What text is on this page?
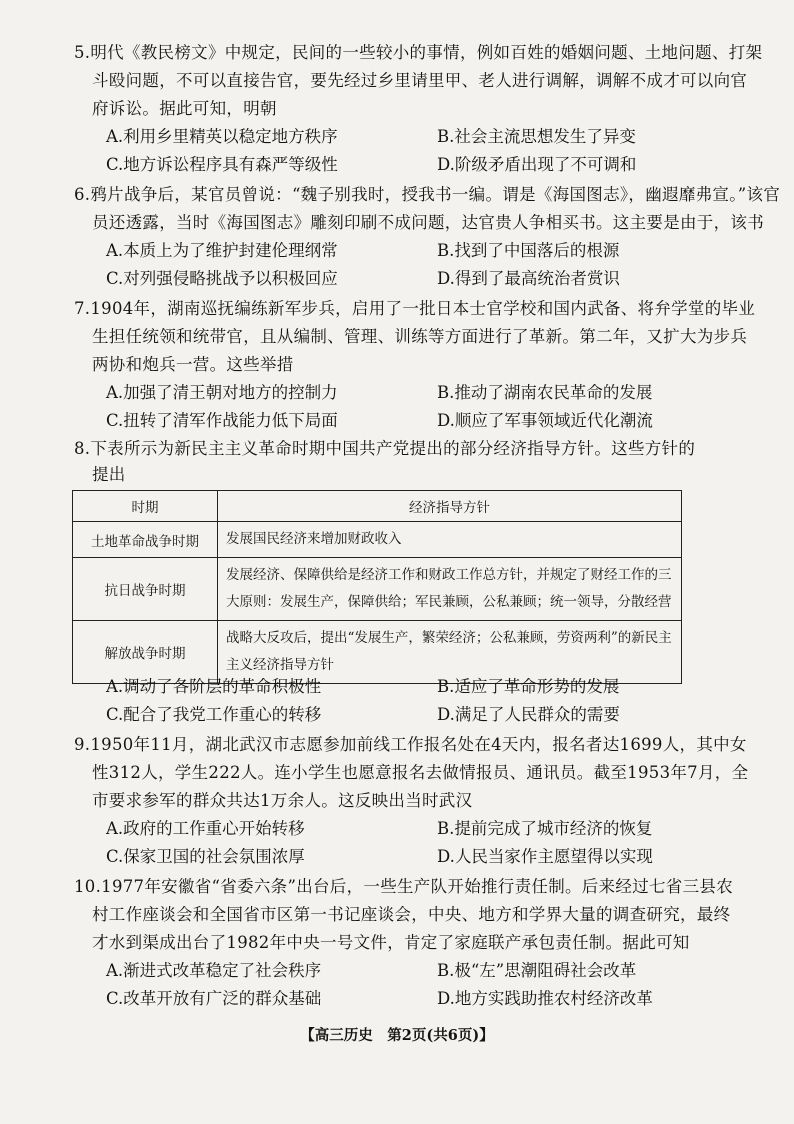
5.明代《教民榜文》中规定，民间的一些较小的事情，例如百姓的婚姻问题、土地问题、打架
斗殴问题，不可以直接告官，要先经过乡里请里甲、老人进行调解，调解不成才可以向官
府诉讼。据此可知，明朝
A.利用乡里精英以稳定地方秩序	B.社会主流思想发生了异变
C.地方诉讼程序具有森严等级性	D.阶级矛盾出现了不可调和
6.鸦片战争后，某官员曾说：“魏子别我时，授我书一编。谓是《海国图志》，幽遐靡弗宣。”该官
员还透露，当时《海国图志》雕刻印刷不成问题，达官贵人争相买书。这主要是由于，该书
A.本质上为了维护封建伦理纲常	B.找到了中国落后的根源
C.对列强侵略挑战予以积极回应	D.得到了最高统治者赏识
7.1904年，湖南巡抚编练新军步兵，启用了一批日本士官学校和国内武备、将弁学堂的毕业
生担任统领和统带官，且从编制、管理、训练等方面进行了革新。第二年，又扩大为步兵
两协和炮兵一营。这些举措
A.加强了清王朝对地方的控制力	B.推动了湖南农民革命的发展
C.扭转了清军作战能力低下局面	D.顺应了军事领域近代化潮流
8.下表所示为新民主主义革命时期中国共产党提出的部分经济指导方针。这些方针的
提出
时期	经济指导方针
土地革命战争时期	发展国民经济来增加财政收入
抗日战争时期	发展经济、保障供给是经济工作和财政工作总方针，并规定了财经工作的三大原则：发展生产，保障供给；军民兼顾，公私兼顾；统一领导，分散经营
解放战争时期	战略大反攻后，提出“发展生产，繁荣经济；公私兼顾，劳资两利”的新民主主义经济指导方针
A.调动了各阶层的革命积极性	B.适应了革命形势的发展
C.配合了我党工作重心的转移	D.满足了人民群众的需要
9.1950年11月，湖北武汉市志愿参加前线工作报名处在4天内，报名者达1699人，其中女
性312人，学生222人。连小学生也愿意报名去做情报员、通讯员。截至1953年7月，全
市要求参军的群众共达1万余人。这反映出当时武汉
A.政府的工作重心开始转移	B.提前完成了城市经济的恢复
C.保家卫国的社会氛围浓厚	D.人民当家作主愿望得以实现
10.1977年安徽省“省委六条”出台后，一些生产队开始推行责任制。后来经过七省三县农
村工作座谈会和全国省市区第一书记座谈会，中央、地方和学界大量的调查研究，最终
才水到渠成出台了1982年中央一号文件，肯定了家庭联产承包责任制。据此可知
A.渐进式改革稳定了社会秩序	B.极“左”思潮阻碍社会改革
C.改革开放有广泛的群众基础	D.地方实践助推农村经济改革
【高三历史　第2页(共6页)】
